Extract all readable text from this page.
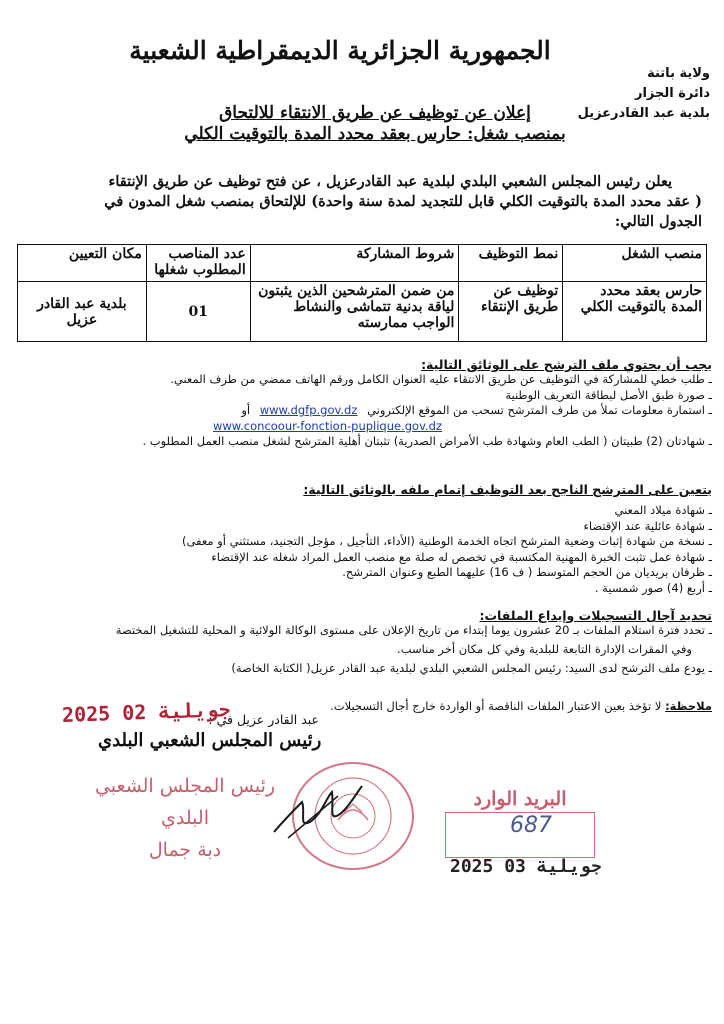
الجمهورية الجزائرية الديمقراطية الشعبية
ولاية باتنة
دائرة الجزار
بلدية عبد القادرعزيل
إعلان عن توظيف عن طريق الانتقاء للالتحاق
بمنصب شغل: حارس بعقد محدد المدة بالتوقيت الكلي
يعلن رئيس المجلس الشعبي البلدي لبلدية عبد القادرعزيل ، عن فتح توظيف عن طريق الإنتقاء
( عقد محدد المدة بالتوقيت الكلي قابل للتجديد لمدة سنة واحدة) للإلتحاق بمنصب شغل المدون في
الجدول التالي:
منصب الشغل	نمط التوظيف	شروط المشاركة	عدد المناصب المطلوب شغلها	مكان التعيين
حارس بعقد محدد المدة بالتوقيت الكلي	توظيف عن طريق الإنتقاء	من ضمن المترشحين الذين يثبتون لياقة بدنية تتماشى والنشاط الواجب ممارسته	01	بلدية عبد القادر عزيل
يجب أن يحتوي ملف الترشح على الوثائق التالية:
ـ طلب خطي للمشاركة في التوظيف عن طريق الانتقاء عليه العنوان الكامل ورقم الهاتف ممضي من طرف المعني.
ـ صورة طبق الأصل لبطاقة التعريف الوطنية
ـ استمارة معلومات تملأ من طرف المترشح تسحب من الموقع الإلكتروني www.dgfp.gov.dz أو
www.concoour-fonction-puplique.gov.dz
ـ شهادتان (2) طبيتان ( الطب العام وشهادة طب الأمراض الصدرية) تثبتان أهلية المترشح لشغل منصب العمل المطلوب .
يتعين على المترشح الناجح بعد التوظيف إتمام ملفه بالوثائق التالية:
ـ شهادة ميلاد المعني
ـ شهادة عائلية عند الإقتضاء
ـ نسخة من شهادة إثبات وضعية المترشح اتجاه الخدمة الوطنية (الأداء، التأجيل ، مؤجل التجنيد، مستثني أو معفى)
ـ شهادة عمل تثبت الخبرة المهنية المكتسبة في تخصص له صلة مع منصب العمل المراد شغله عند الإقتضاء
ـ ظرفان بريديان من الحجم المتوسط ( ف 16) عليهما الطبع وعنوان المترشح.
ـ أربع (4) صور شمسية .
تحديد آجال التسجيلات وإيداع الملفات:
ـ تحدد فترة استلام الملفات بـ 20 عشرون يوما إبتداء من تاريخ الإعلان على مستوى الوكالة الولائية و المحلية للتشغيل المختصة
وفي المقرات الإدارة التابعة للبلدية وفي كل مكان أخر مناسب.
ـ يودع ملف الترشح لدى السيد: رئيس المجلس الشعبي البلدي لبلدية عبد القادر عزيل( الكتابة الخاصة)
ملاحظة: لا تؤخذ بعين الاعتبار الملفات الناقصة أو الواردة خارج أجال التسجيلات.
عبد القادر عزيل في :
2025 جويلية 02
رئيس المجلس الشعبي البلدي
رئيس المجلس الشعبي البلدي
دبة جمال
البريد الوارد
687
2025 جويلية 03
